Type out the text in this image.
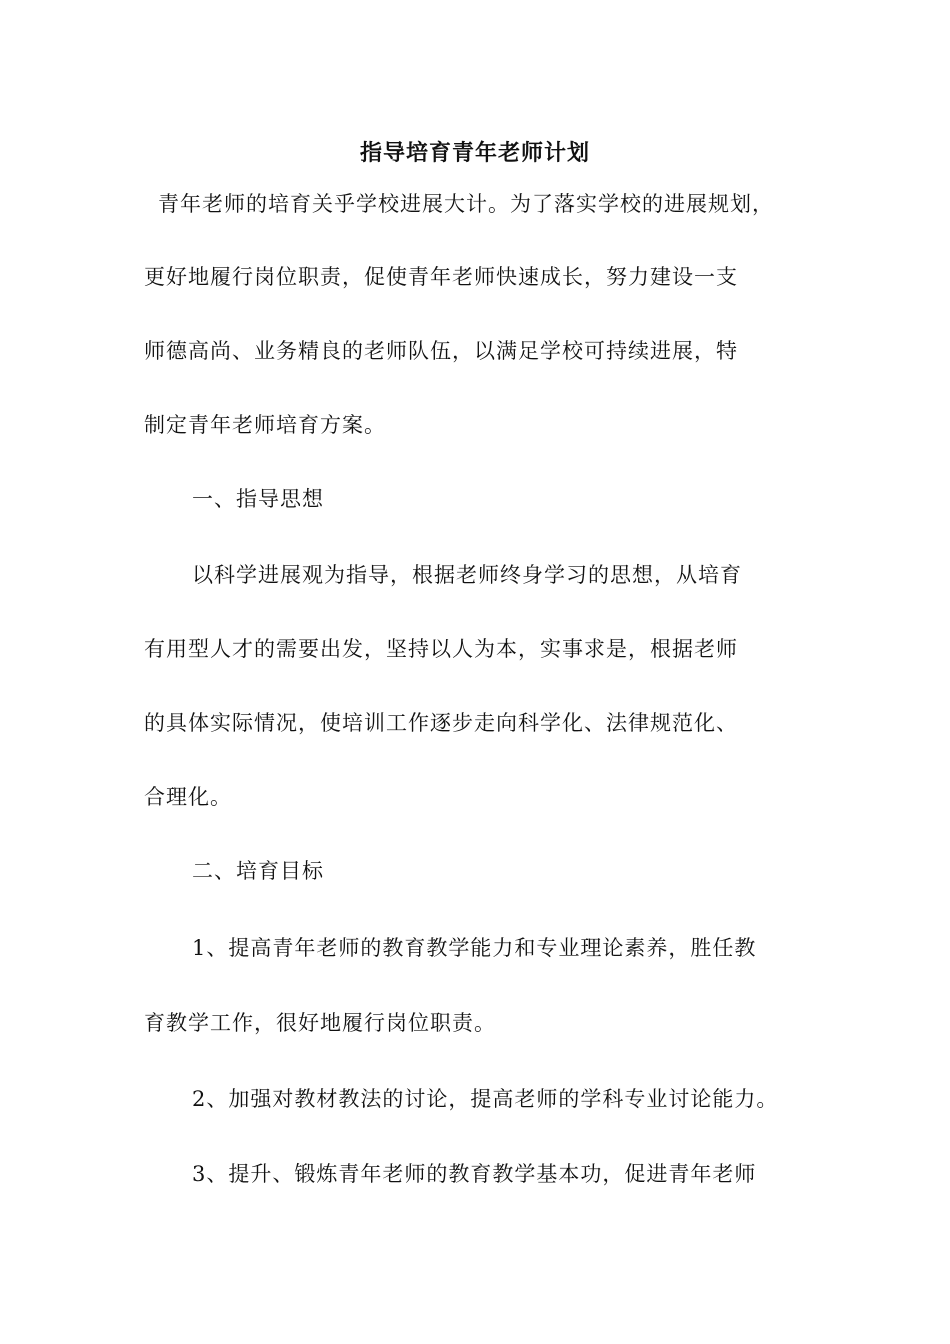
指导培育青年老师计划
青年老师的培育关乎学校进展大计。为了落实学校的进展规划，
更好地履行岗位职责，促使青年老师快速成长，努力建设一支
师德高尚、业务精良的老师队伍，以满足学校可持续进展，特
制定青年老师培育方案。
一、指导思想
以科学进展观为指导，根据老师终身学习的思想，从培育
有用型人才的需要出发，坚持以人为本，实事求是，根据老师
的具体实际情况，使培训工作逐步走向科学化、法律规范化、
合理化。
二、培育目标
1、提高青年老师的教育教学能力和专业理论素养，胜任教
育教学工作，很好地履行岗位职责。
2、加强对教材教法的讨论，提高老师的学科专业讨论能力。
3、提升、锻炼青年老师的教育教学基本功，促进青年老师
